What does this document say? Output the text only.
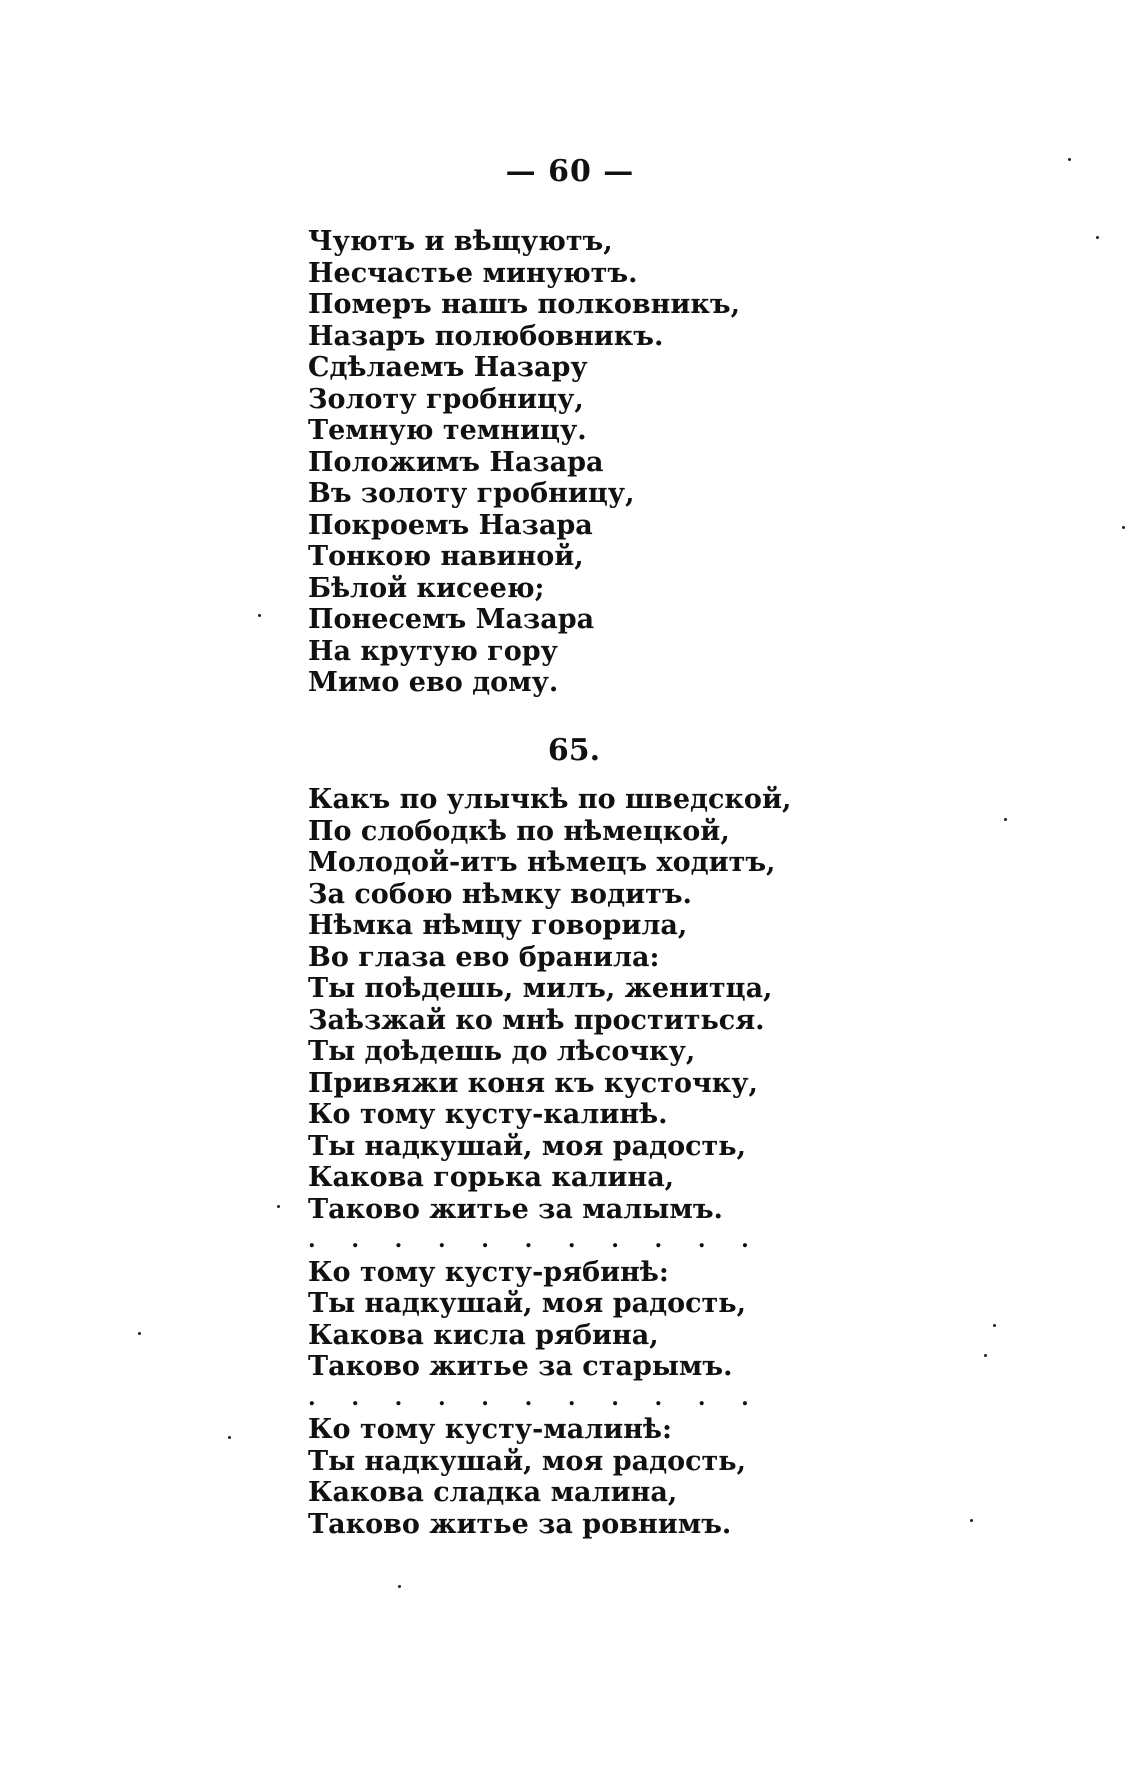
— 60 —
Чуютъ и вѣщуютъ,
Несчастье минуютъ.
Померъ нашъ полковникъ,
Назаръ полюбовникъ.
Сдѣлаемъ Назару
Золоту гробницу,
Темную темницу.
Положимъ Назара
Въ золоту гробницу,
Покроемъ Назара
Тонкою навиной,
Бѣлой кисеею;
Понесемъ Мазара
На крутую гору
Мимо ево дому.
65.
Какъ по улычкѣ по шведской,
По слободкѣ по нѣмецкой,
Молодой-итъ нѣмецъ ходитъ,
За собою нѣмку водитъ.
Нѣмка нѣмцу говорила,
Во глаза ево бранила:
Ты поѣдешь, милъ, женитца,
Заѣзжай ко мнѣ проститься.
Ты доѣдешь до лѣсочку,
Привяжи коня къ кусточку,
Ко тому кусту-калинѣ.
Ты надкушай, моя радость,
Какова горька калина,
Таково житье за малымъ.
. . . . . . . . . . .
Ко тому кусту-рябинѣ:
Ты надкушай, моя радость,
Какова кисла рябина,
Таково житье за старымъ.
. . . . . . . . . . .
Ко тому кусту-малинѣ:
Ты надкушай, моя радость,
Какова сладка малина,
Таково житье за ровнимъ.
